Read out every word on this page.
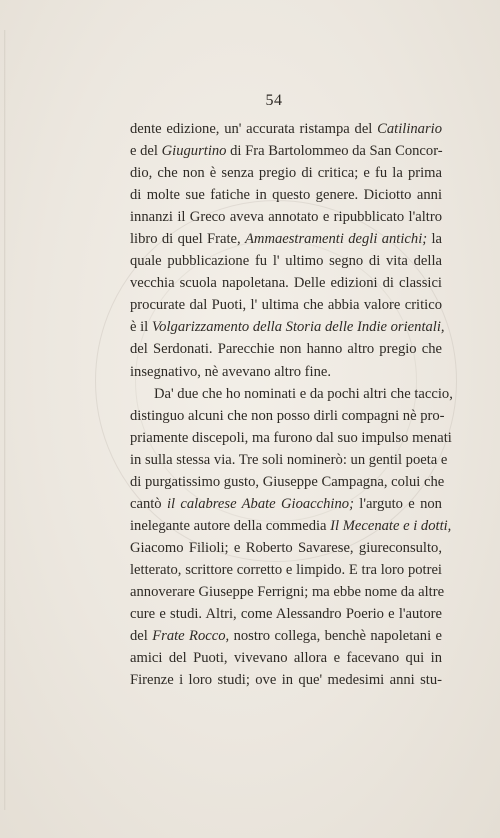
54
dente edizione, un' accurata ristampa del Catilinario
e del Giugurtino di Fra Bartolommeo da San Concor-
dio, che non è senza pregio di critica; e fu la prima
di molte sue fatiche in questo genere. Diciotto anni
innanzi il Greco aveva annotato e ripubblicato l'altro
libro di quel Frate, Ammaestramenti degli antichi; la
quale pubblicazione fu l' ultimo segno di vita della
vecchia scuola napoletana. Delle edizioni di classici
procurate dal Puoti, l' ultima che abbia valore critico
è il Volgarizzamento della Storia delle Indie orientali,
del Serdonati. Parecchie non hanno altro pregio che
insegnativo, nè avevano altro fine.
Da' due che ho nominati e da pochi altri che taccio,
distinguo alcuni che non posso dirli compagni nè pro-
priamente discepoli, ma furono dal suo impulso menati
in sulla stessa via. Tre soli nominerò: un gentil poeta e
di purgatissimo gusto, Giuseppe Campagna, colui che
cantò il calabrese Abate Gioacchino; l'arguto e non
inelegante autore della commedia Il Mecenate e i dotti,
Giacomo Filioli; e Roberto Savarese, giureconsulto,
letterato, scrittore corretto e limpido. E tra loro potrei
annoverare Giuseppe Ferrigni; ma ebbe nome da altre
cure e studi. Altri, come Alessandro Poerio e l'autore
del Frate Rocco, nostro collega, benchè napoletani e
amici del Puoti, vivevano allora e facevano qui in
Firenze i loro studi; ove in que' medesimi anni stu-
